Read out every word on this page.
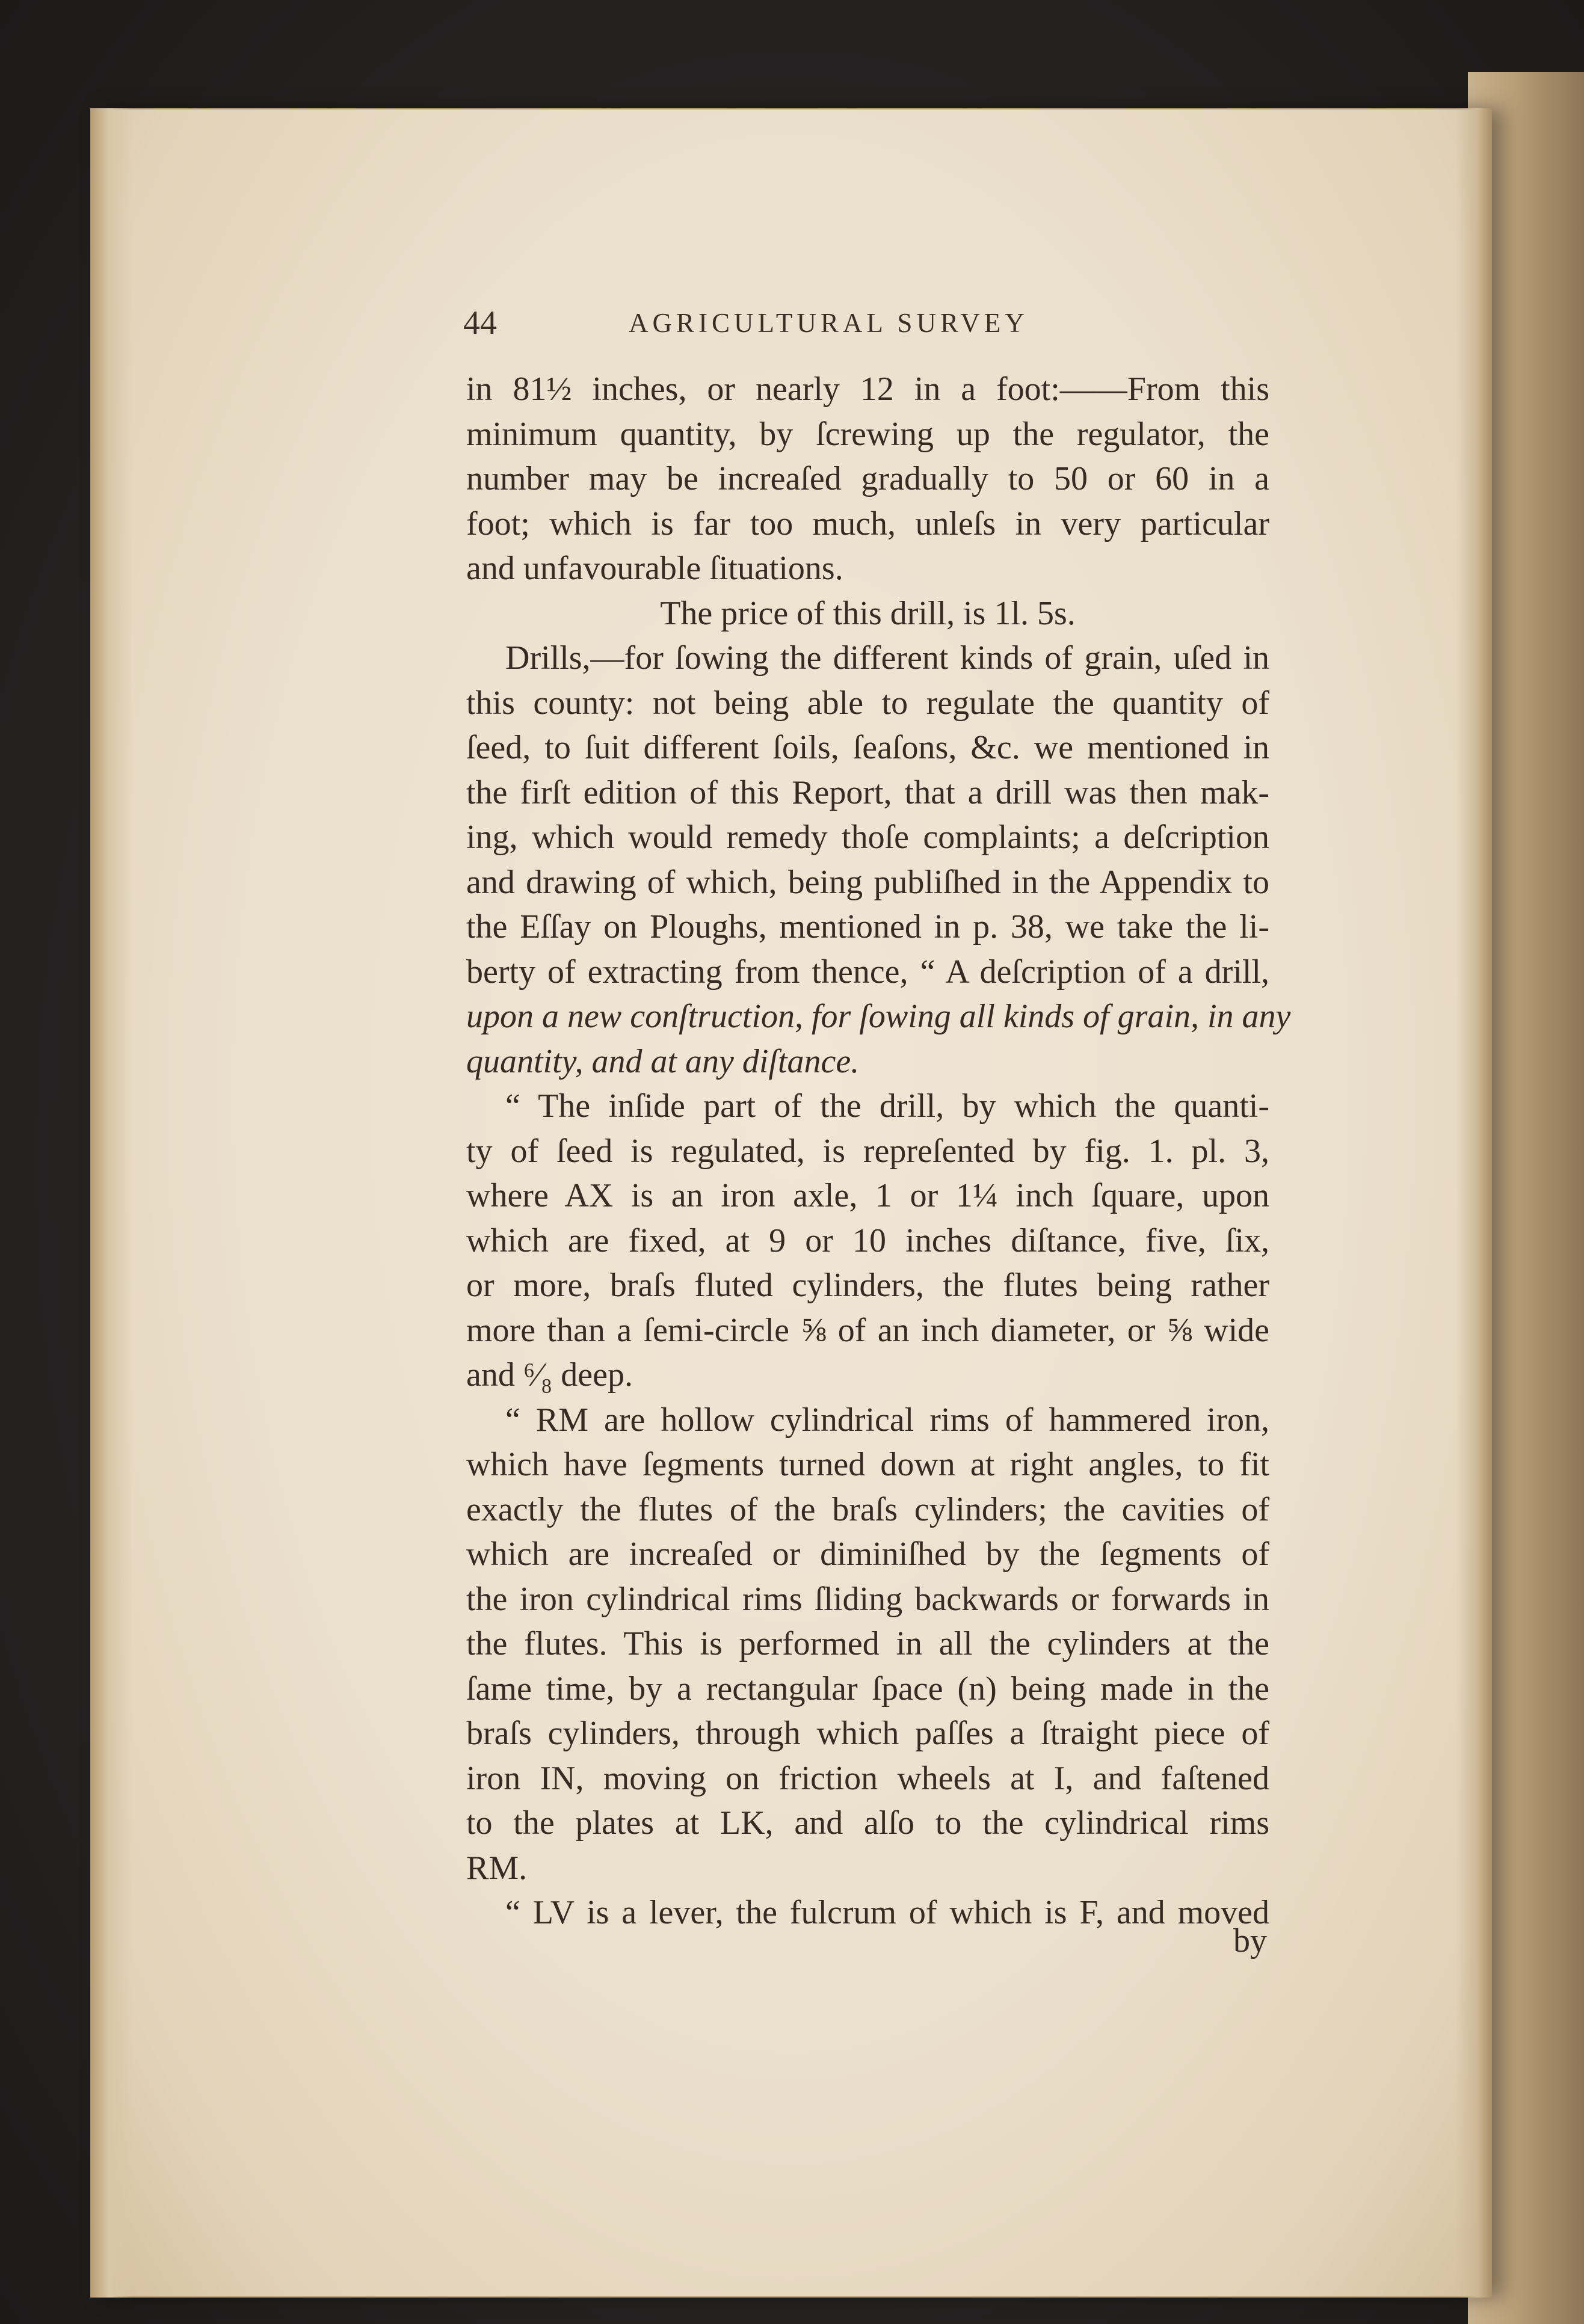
44	AGRICULTURAL SURVEY
in 81½ inches, or nearly 12 in a foot:——From this
minimum quantity, by ſcrewing up the regulator, the
number may be increaſed gradually to 50 or 60 in a
foot; which is far too much, unleſs in very particular
and unfavourable ſituations.
The price of this drill, is 1l. 5s.
Drills,—for ſowing the different kinds of grain, uſed in
this county: not being able to regulate the quantity of
ſeed, to ſuit different ſoils, ſeaſons, &c. we mentioned in
the firſt edition of this Report, that a drill was then mak-
ing, which would remedy thoſe complaints; a deſcription
and drawing of which, being publiſhed in the Appendix to
the Eſſay on Ploughs, mentioned in p. 38, we take the li-
berty of extracting from thence, “ A deſcription of a drill,
upon a new conſtruction, for ſowing all kinds of grain, in any
quantity, and at any diſtance.
“ The inſide part of the drill, by which the quanti-
ty of ſeed is regulated, is repreſented by fig. 1. pl. 3,
where AX is an iron axle, 1 or 1¼ inch ſquare, upon
which are fixed, at 9 or 10 inches diſtance, five, ſix,
or more, braſs fluted cylinders, the flutes being rather
more than a ſemi-circle ⅝ of an inch diameter, or ⅝ wide
and ⁶⁄₈ deep.
“ RM are hollow cylindrical rims of hammered iron,
which have ſegments turned down at right angles, to fit
exactly the flutes of the braſs cylinders; the cavities of
which are increaſed or diminiſhed by the ſegments of
the iron cylindrical rims ſliding backwards or forwards in
the flutes. This is performed in all the cylinders at the
ſame time, by a rectangular ſpace (n) being made in the
braſs cylinders, through which paſſes a ſtraight piece of
iron IN, moving on friction wheels at I, and faſtened
to the plates at LK, and alſo to the cylindrical rims
RM.
“ LV is a lever, the fulcrum of which is F, and moved
by
